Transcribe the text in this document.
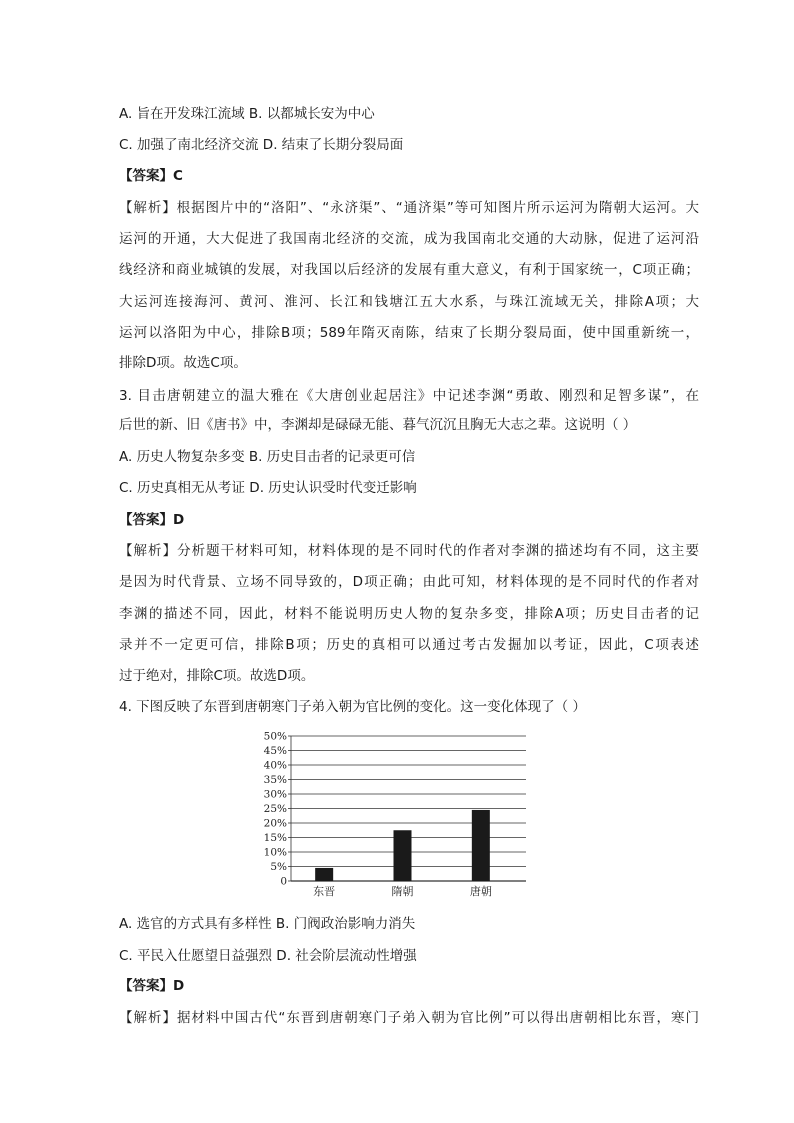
A. 旨在开发珠江流域 B. 以都城长安为中心
C. 加强了南北经济交流 D. 结束了长期分裂局面
【答案】C
【解析】根据图片中的“洛阳”、“永济渠”、“通济渠”等可知图片所示运河为隋朝大运河。大
运河的开通，大大促进了我国南北经济的交流，成为我国南北交通的大动脉，促进了运河沿
线经济和商业城镇的发展，对我国以后经济的发展有重大意义，有利于国家统一，C项正确；
大运河连接海河、黄河、淮河、长江和钱塘江五大水系，与珠江流域无关，排除A项；大
运河以洛阳为中心，排除B项；589年隋灭南陈，结束了长期分裂局面，使中国重新统一，
排除D项。故选C项。
3. 目击唐朝建立的温大雅在《大唐创业起居注》中记述李渊“勇敢、刚烈和足智多谋”，在
后世的新、旧《唐书》中，李渊却是碌碌无能、暮气沉沉且胸无大志之辈。这说明（ ）
A. 历史人物复杂多变 B. 历史目击者的记录更可信
C. 历史真相无从考证 D. 历史认识受时代变迁影响
【答案】D
【解析】分析题干材料可知，材料体现的是不同时代的作者对李渊的描述均有不同，这主要
是因为时代背景、立场不同导致的，D项正确；由此可知，材料体现的是不同时代的作者对
李渊的描述不同，因此，材料不能说明历史人物的复杂多变，排除A项；历史目击者的记
录并不一定更可信，排除B项；历史的真相可以通过考古发掘加以考证，因此，C项表述
过于绝对，排除C项。故选D项。
4. 下图反映了东晋到唐朝寒门子弟入朝为官比例的变化。这一变化体现了（ ）
A. 选官的方式具有多样性 B. 门阀政治影响力消失
C. 平民入仕愿望日益强烈 D. 社会阶层流动性增强
【答案】D
【解析】据材料中国古代“东晋到唐朝寒门子弟入朝为官比例”可以得出唐朝相比东晋，寒门
0
5%
10%
15%
20%
25%
30%
35%
40%
45%
50%
东晋	隋朝	唐朝
